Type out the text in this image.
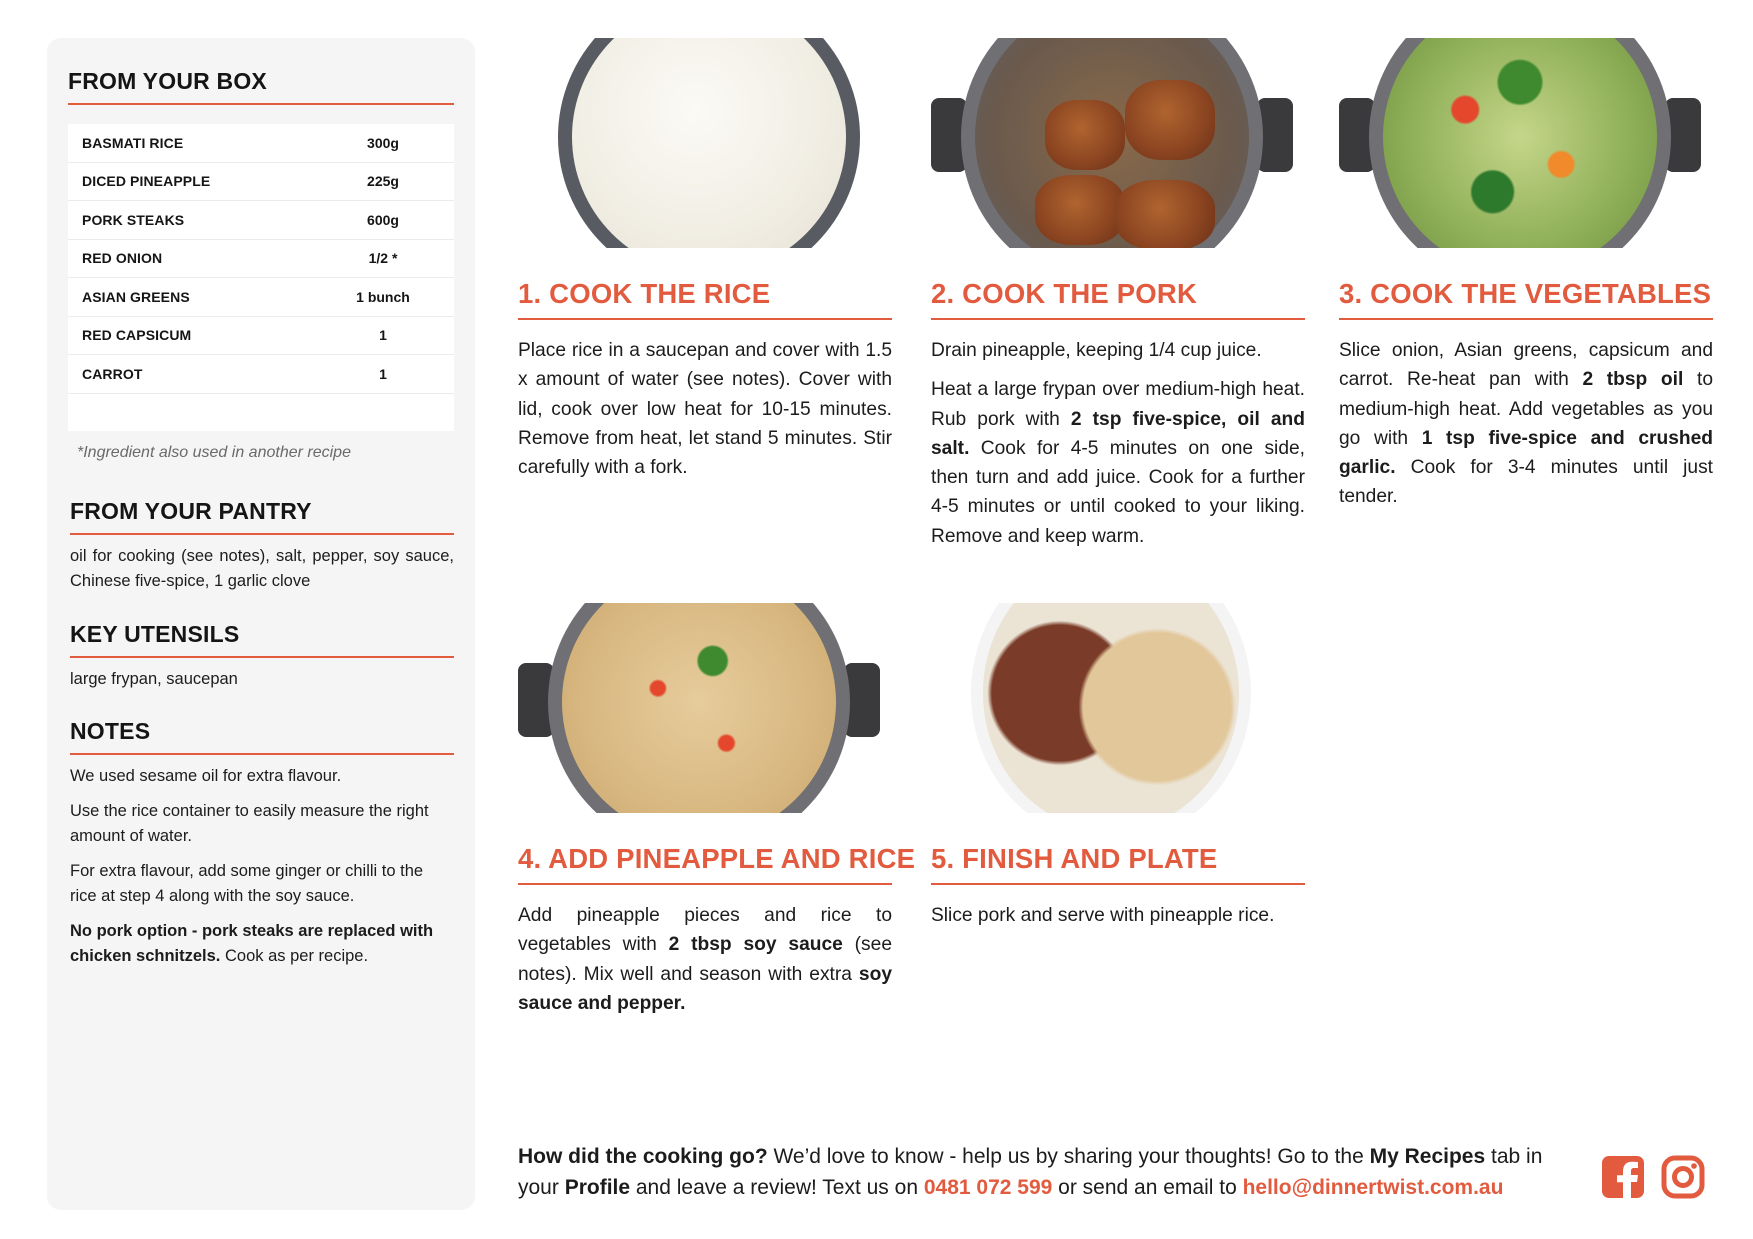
FROM YOUR BOX
BASMATI RICE	300g
DICED PINEAPPLE	225g
PORK STEAKS	600g
RED ONION	1/2 *
ASIAN GREENS	1 bunch
RED CAPSICUM	1
CARROT	1
*Ingredient also used in another recipe
FROM YOUR PANTRY
oil for cooking (see notes), salt, pepper, soy sauce, Chinese five-spice, 1 garlic clove
KEY UTENSILS
large frypan, saucepan
NOTES

We used sesame oil for extra flavour.

Use the rice container to easily measure the right amount of water.

For extra flavour, add some ginger or chilli to the rice at step 4 along with the soy sauce.

No pork option - pork steaks are replaced with chicken schnitzels. Cook as per recipe.

1. COOK THE RICE
Place rice in a saucepan and cover with 1.5 x amount of water (see notes). Cover with lid, cook over low heat for 10-15 minutes. Remove from heat, let stand 5 minutes. Stir carefully with a fork.
2. COOK THE PORK

Drain pineapple, keeping 1/4 cup juice.

Heat a large frypan over medium-high heat. Rub pork with 2 tsp five-spice, oil and salt. Cook for 4-5 minutes on one side, then turn and add juice. Cook for a further 4-5 minutes or until cooked to your liking. Remove and keep warm.

3. COOK THE VEGETABLES
Slice onion, Asian greens, capsicum and carrot. Re-heat pan with 2 tbsp oil to medium-high heat. Add vegetables as you go with 1 tsp five-spice and crushed garlic. Cook for 3-4 minutes until just tender.
4. ADD PINEAPPLE AND RICE
Add pineapple pieces and rice to vegetables with 2 tbsp soy sauce (see notes). Mix well and season with extra soy sauce and pepper.
5. FINISH AND PLATE
Slice pork and serve with pineapple rice.
How did the cooking go? We’d love to know - help us by sharing your thoughts! Go to the My Recipes tab in your Profile and leave a review! Text us on 0481 072 599 or send an email to hello@dinnertwist.com.au
